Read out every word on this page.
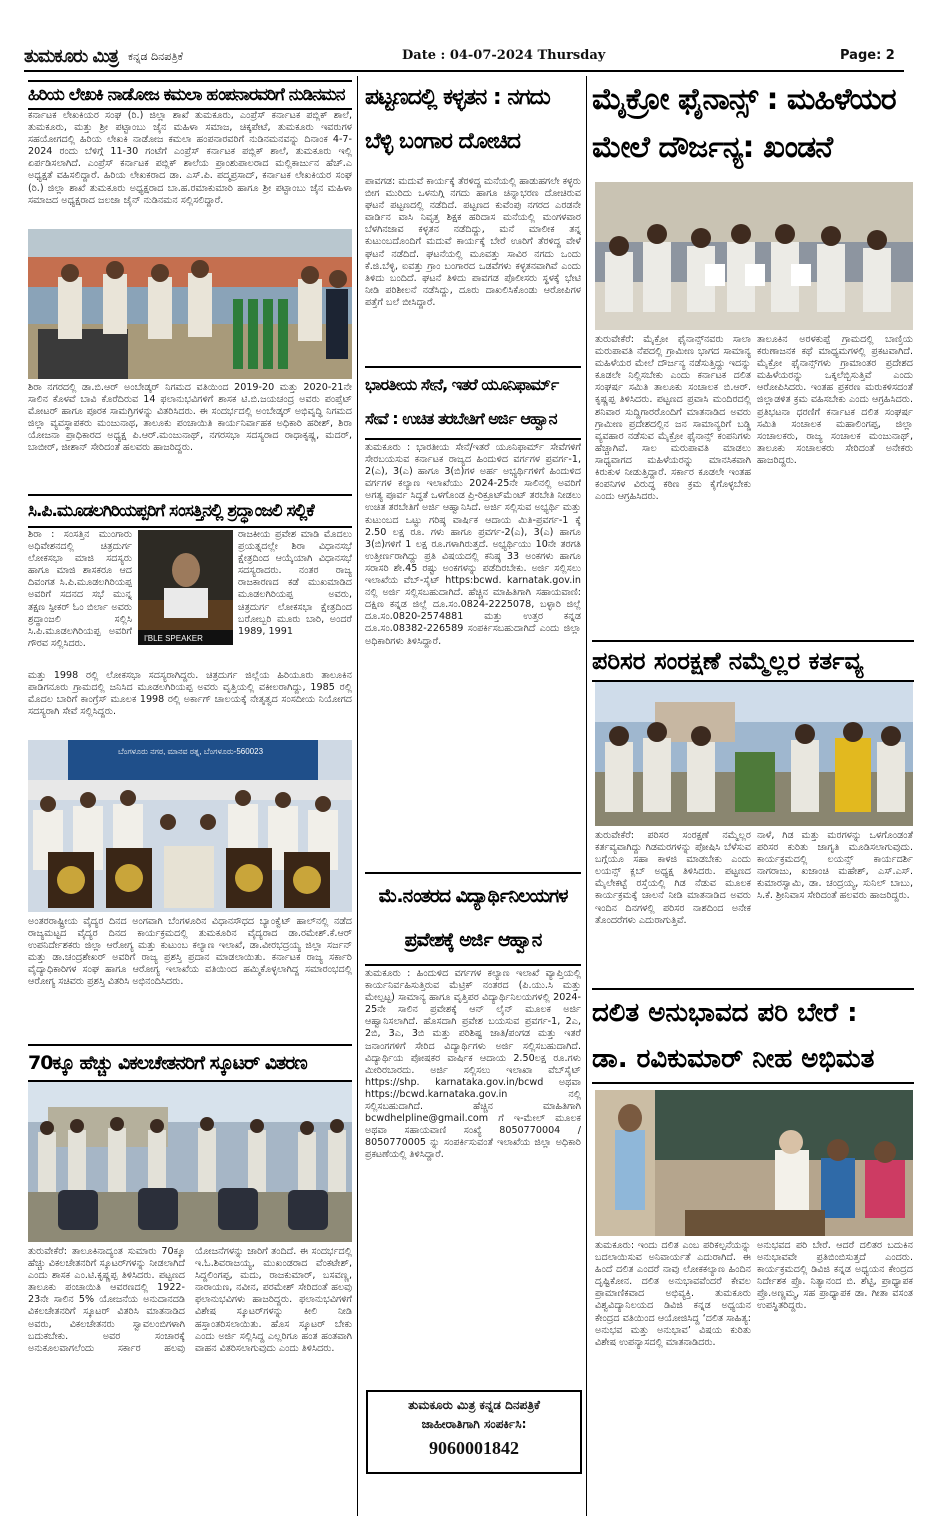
ತುಮಕೂರು ಮಿತ್ರ ಕನ್ನಡ ದಿನಪತ್ರಿಕೆ	Date : 04-07-2024 Thursday	Page: 2
ಹಿರಿಯ ಲೇಖಕಿ ನಾಡೋಜ ಕಮಲಾ ಹಂಪನಾರವರಿಗೆ ನುಡಿನಮನ
ಕರ್ನಾಟಕ ಲೇಖಕಿಯರ ಸಂಘ (ರಿ.) ಜಿಲ್ಲಾ ಶಾಖೆ ತುಮಕೂರು, ಎಂಪ್ರೆಸ್ ಕರ್ನಾಟಕ ಪಬ್ಲಿಕ್ ಶಾಲೆ, ತುಮಕೂರು, ಮತ್ತು ಶ್ರೀ ಪಟ್ಟಾಂಬು ಜೈನ ಮಹಿಳಾ ಸಮಾಜ, ಚಿಕ್ಕಪೇಟೆ, ತುಮಕೂರು ಇವರುಗಳ ಸಹಯೋಗದಲ್ಲಿ ಹಿರಿಯ ಲೇಖಕಿ ನಾಡೋಜ ಕಮಲಾ ಹಂಪನಾರವರಿಗೆ ನುಡಿನಮನವನ್ನು ದಿನಾಂಕ 4-7-2024 ರಂದು ಬೆಳಿಗ್ಗೆ 11-30 ಗಂಟೆಗೆ ಎಂಪ್ರೆಸ್ ಕರ್ನಾಟಕ ಪಬ್ಲಿಕ್ ಶಾಲೆ, ತುಮಕೂರು ಇಲ್ಲಿ ಏರ್ಪಡಿಸಲಾಗಿದೆ. ಎಂಪ್ರೆಸ್ ಕರ್ನಾಟಕ ಪಬ್ಲಿಕ್ ಶಾಲೆಯ ಪ್ರಾಂಶುಪಾಲರಾದ ಮಲ್ಲಿಕಾರ್ಜುನ ಹೆಚ್.ಎ ಅಧ್ಯಕ್ಷತೆ ವಹಿಸಲಿದ್ದಾರೆ. ಹಿರಿಯ ಲೇಖಕರಾದ ಡಾ. ಎಸ್.ಪಿ. ಪದ್ಮಪ್ರಸಾದ್, ಕರ್ನಾಟಕ ಲೇಖಕಿಯರ ಸಂಘ (ರಿ.) ಜಿಲ್ಲಾ ಶಾಖೆ ತುಮಕೂರು ಅಧ್ಯಕ್ಷರಾದ ಬಾ.ಹ.ರಮಾಕುಮಾರಿ ಹಾಗೂ ಶ್ರೀ ಪಟ್ಟಾಂಬು ಜೈನ ಮಹಿಳಾ ಸಮಾಜದ ಅಧ್ಯಕ್ಷರಾದ ಜಲಜಾ ಜೈನ್ ನುಡಿನಮನ ಸಲ್ಲಿಸಲಿದ್ದಾರೆ.
ಶಿರಾ ನಗರದಲ್ಲಿ ಡಾ.ಬಿ.ಆರ್ ಅಂಬೇಡ್ಕರ್ ನಿಗಮದ ವತಿಯಿಂದ 2019-20 ಮತ್ತು 2020-21ನೇ ಸಾಲಿನ ಕೊಳವೆ ಬಾವಿ ಕೊರೆದಿರುವ 14 ಫಲಾನುಭವಿಗಳಿಗೆ ಶಾಸಕ ಟಿ.ಬಿ.ಜಯಚಂದ್ರ ಅವರು ಪಂಪ್ಸೆಟ್ ಮೋಟರ್ ಹಾಗೂ ಪೂರಕ ಸಾಮಗ್ರಿಗಳನ್ನು ವಿತರಿಸಿದರು. ಈ ಸಂದರ್ಭದಲ್ಲಿ ಅಂಬೇಡ್ಕರ್ ಅಭಿವೃದ್ಧಿ ನಿಗಮದ ಜಿಲ್ಲಾ ವ್ಯವಸ್ಥಾಪಕರು ಮಂಜುನಾಥ, ತಾಲೂಕು ಪಂಚಾಯಿತಿ ಕಾರ್ಯನಿರ್ವಾಹಕ ಅಧಿಕಾರಿ ಹರೀಶ್, ಶಿರಾ ಯೋಜನಾ ಪ್ರಾಧಿಕಾರದ ಅಧ್ಯಕ್ಷ ಪಿ.ಆರ್.ಮಂಜುನಾಥ್, ನಗರಸಭಾ ಸದಸ್ಯರಾದ ರಾಧಾಕೃಷ್ಣ, ಮದರ್, ಬಾಬೀರ್, ಜೀಶಾನ್ ಸೇರಿದಂತೆ ಹಲವರು ಹಾಜರಿದ್ದರು.
ಸಿ.ಪಿ.ಮೂಡಲಗಿರಿಯಪ್ಪರಿಗೆ ಸಂಸತ್ತಿನಲ್ಲಿ ಶ್ರದ್ಧಾಂಜಲಿ ಸಲ್ಲಿಕೆ
ಶಿರಾ : ಸಂಸತ್ತಿನ ಮುಂಗಾರು ಅಧಿವೇಶನದಲ್ಲಿ ಚಿತ್ರದುರ್ಗ ಲೋಕಸಭಾ ಮಾಜಿ ಸದಸ್ಯರು ಹಾಗೂ ಮಾಜಿ ಶಾಸಕರೂ ಆದ ದಿವಂಗತ ಸಿ.ಪಿ.ಮೂಡಲಗಿರಿಯಪ್ಪ ಅವರಿಗೆ ಸದನದ ಸಭೆ ಮುನ್ನ ತಕ್ಷಣ ಸ್ಪೀಕರ್ ಓಂ ಬಿರ್ಲಾ ಅವರು ಶ್ರದ್ಧಾಂಜಲಿ ಸಲ್ಲಿಸಿ ಸಿ.ಪಿ.ಮೂಡಲಗಿರಿಯಪ್ಪ ಅವರಿಗೆ ಗೌರವ ಸಲ್ಲಿಸಿದರು.	I'BLE SPEAKER
ರಾಜಕೀಯ ಪ್ರವೇಶ ಮಾಡಿ ಮೊದಲು ಪ್ರಯತ್ನದಲ್ಲೇ ಶಿರಾ ವಿಧಾನಸಭೆ ಕ್ಷೇತ್ರದಿಂದ ಆಯ್ಕೆಯಾಗಿ ವಿಧಾನಸಭೆ ಸದಸ್ಯರಾದರು. ನಂತರ ರಾಜ್ಯ ರಾಜಕಾರಣದ ಕಡೆ ಮುಖಮಾಡಿದ ಮೂಡಲಗಿರಿಯಪ್ಪ ಅವರು, ಚಿತ್ರದುರ್ಗ ಲೋಕಸಭಾ ಕ್ಷೇತ್ರದಿಂದ ಬರೋಬ್ಬರಿ ಮೂರು ಬಾರಿ, ಅಂದರೆ 1989, 1991
ಮತ್ತು 1998 ರಲ್ಲಿ ಲೋಕಸಭಾ ಸದಸ್ಯರಾಗಿದ್ದರು. ಚಿತ್ರದುರ್ಗ ಜಿಲ್ಲೆಯ ಹಿರಿಯೂರು ತಾಲೂಕಿನ ಪಾಡಿಗನೂರು ಗ್ರಾಮದಲ್ಲಿ ಜನಿಸಿದ ಮೂಡಲಗಿರಿಯಪ್ಪ ಅವರು ವೃತ್ತಿಯಲ್ಲಿ ವಕೀಲರಾಗಿದ್ದು, 1985 ರಲ್ಲಿ ಮೊದಲ ಬಾರಿಗೆ ಕಾಂಗ್ರೆಸ್ ಮೂಲಕ 1998 ರಲ್ಲಿ ಅರ್ಕಾಗ್ ಚಾಲಯಕ್ಕೆ ನೇತೃತ್ವದ ಸಂಸದೀಯ ನಿಯೋಗದ ಸದಸ್ಯರಾಗಿ ಸೇವೆ ಸಲ್ಲಿಸಿದ್ದರು.
ಬೆಂಗಳೂರು ನಗರ, ಮಾನವ ರತ್ನ, ಬೆಂಗಳೂರು-560023
ಅಂತರರಾಷ್ಟ್ರೀಯ ವೈದ್ಯರ ದಿನದ ಅಂಗವಾಗಿ ಬೆಂಗಳೂರಿನ ವಿಧಾನಸೌಧದ ಬ್ಯಾಂಕ್ವೆಟ್ ಹಾಲ್‌ನಲ್ಲಿ ನಡೆದ ರಾಜ್ಯಮಟ್ಟದ ವೈದ್ಯರ ದಿನದ ಕಾರ್ಯಕ್ರಮದಲ್ಲಿ ತುಮಕೂರಿನ ವೈದ್ಯರಾದ ಡಾ.ರಮೇಶ್.ಕೆ.ಆರ್ ಉಪನಿರ್ದೇಶಕರು ಜಿಲ್ಲಾ ಆರೋಗ್ಯ ಮತ್ತು ಕುಟುಂಬ ಕಲ್ಯಾಣ ಇಲಾಖೆ, ಡಾ.ವೀರಭದ್ರಯ್ಯ ಜಿಲ್ಲಾ ಸರ್ಜನ್ ಮತ್ತು ಡಾ.ಚಂದ್ರಶೇಖರ್ ಅವರಿಗೆ ರಾಜ್ಯ ಪ್ರಶಸ್ತಿ ಪ್ರದಾನ ಮಾಡಲಾಯಿತು. ಕರ್ನಾಟಕ ರಾಜ್ಯ ಸರ್ಕಾರಿ ವೈದ್ಯಾಧಿಕಾರಿಗಳ ಸಂಘ ಹಾಗೂ ಆರೋಗ್ಯ ಇಲಾಖೆಯ ವತಿಯಿಂದ ಹಮ್ಮಿಕೊಳ್ಳಲಾಗಿದ್ದ ಸಮಾರಂಭದಲ್ಲಿ ಆರೋಗ್ಯ ಸಚಿವರು ಪ್ರಶಸ್ತಿ ವಿತರಿಸಿ ಅಭಿನಂದಿಸಿದರು.
70ಕ್ಕೂ ಹೆಚ್ಚು ವಿಕಲಚೇತನರಿಗೆ ಸ್ಕೂಟರ್ ವಿತರಣ
ತುರುವೇಕೆರೆ: ತಾಲೂಕಿನಾದ್ಯಂತ ಸುಮಾರು 70ಕ್ಕೂ ಹೆಚ್ಚು ವಿಕಲಚೇತನರಿಗೆ ಸ್ಕೂಟರ್‌ಗಳನ್ನು ನೀಡಲಾಗಿದೆ ಎಂದು ಶಾಸಕ ಎಂ.ಟಿ.ಕೃಷ್ಣಪ್ಪ ತಿಳಿಸಿದರು. ಪಟ್ಟಣದ ತಾಲೂಕು ಪಂಚಾಯಿತಿ ಆವರಣದಲ್ಲಿ 1922-23ನೇ ಸಾಲಿನ 5% ಯೋಜನೆಯ ಅನುದಾನದಡಿ ವಿಕಲಚೇತನರಿಗೆ ಸ್ಕೂಟರ್ ವಿತರಿಸಿ ಮಾತನಾಡಿದ ಅವರು, ವಿಕಲಚೇತನರು ಸ್ವಾವಲಂಬಿಗಳಾಗಿ ಬದುಕಬೇಕು. ಅವರ ಸಂಚಾರಕ್ಕೆ ಅನುಕೂಲವಾಗಲೆಂದು ಸರ್ಕಾರ ಹಲವು ಯೋಜನೆಗಳನ್ನು ಜಾರಿಗೆ ತಂದಿದೆ. ಈ ಸಂದರ್ಭದಲ್ಲಿ ಇ.ಓ.ಶಿವರಾಜಯ್ಯ, ಮುಖಂಡರಾದ ವೆಂಕಟೇಶ್, ಸಿದ್ದಲಿಂಗಪ್ಪ, ಮದು, ರಾಜಕುಮಾರ್, ಬಸವಣ್ಣ, ನಾರಾಯಣ, ನವೀನ, ಪರಮೇಶ್ ಸೇರಿದಂತೆ ಹಲವು ಫಲಾನುಭವಿಗಳು ಹಾಜರಿದ್ದರು. ಫಲಾನುಭವಿಗಳಿಗೆ ವಿಶೇಷ ಸ್ಕೂಟರ್‌ಗಳನ್ನು ಕೀಲಿ ನೀಡಿ ಹಸ್ತಾಂತರಿಸಲಾಯಿತು. ಹೊಸ ಸ್ಕೂಟರ್ ಬೇಕು ಎಂದು ಅರ್ಜಿ ಸಲ್ಲಿಸಿದ್ದ ಎಲ್ಲರಿಗೂ ಹಂತ ಹಂತವಾಗಿ ವಾಹನ ವಿತರಿಸಲಾಗುವುದು ಎಂದು ತಿಳಿಸಿದರು.
ಪಟ್ಟಣದಲ್ಲಿ ಕಳ್ಳತನ : ನಗದು ಬೆಳ್ಳಿ ಬಂಗಾರ ದೋಚಿದ
ಪಾವಗಡ: ಮದುವೆ ಕಾರ್ಯಕ್ಕೆ ತೆರಳಿದ್ದ ಮನೆಯಲ್ಲಿ ಹಾಡುಹಗಲೇ ಕಳ್ಳರು ಬೀಗ ಮುರಿದು ಒಳನುಗ್ಗಿ ನಗದು ಹಾಗೂ ಚಿನ್ನಾಭರಣ ದೋಚಿರುವ ಘಟನೆ ಪಟ್ಟಣದಲ್ಲಿ ನಡೆದಿದೆ. ಪಟ್ಟಣದ ಕುವೆಂಪು ನಗರದ ಎರಡನೇ ವಾರ್ಡಿನ ವಾಸಿ ನಿವೃತ್ತ ಶಿಕ್ಷಕ ಹರಿದಾಸ ಮನೆಯಲ್ಲಿ ಮಂಗಳವಾರ ಬೆಳಗಿನಜಾವ ಕಳ್ಳತನ ನಡೆದಿದ್ದು, ಮನೆ ಮಾಲೀಕ ತನ್ನ ಕುಟುಂಬದೊಂದಿಗೆ ಮದುವೆ ಕಾರ್ಯಕ್ಕೆ ಬೇರೆ ಊರಿಗೆ ತೆರಳಿದ್ದ ವೇಳೆ ಘಟನೆ ನಡೆದಿದೆ. ಘಟನೆಯಲ್ಲಿ ಮೂವತ್ತು ಸಾವಿರ ನಗದು ಒಂದು ಕೆ.ಜಿ.ಬೆಳ್ಳಿ, ಐವತ್ತು ಗ್ರಾಂ ಬಂಗಾರದ ಒಡವೆಗಳು ಕಳ್ಳತನವಾಗಿವೆ ಎಂದು ತಿಳಿದು ಬಂದಿದೆ. ಘಟನೆ ತಿಳಿದು ಪಾವಗಡ ಪೊಲೀಸರು ಸ್ಥಳಕ್ಕೆ ಭೇಟಿ ನೀಡಿ ಪರಿಶೀಲನೆ ನಡೆಸಿದ್ದು, ದೂರು ದಾಖಲಿಸಿಕೊಂಡು ಆರೋಪಿಗಳ ಪತ್ತೆಗೆ ಬಲೆ ಬೀಸಿದ್ದಾರೆ.
ಭಾರತೀಯ ಸೇನೆ, ಇತರೆ ಯೂನಿಫಾರ್ಮ್ ಸೇವೆ : ಉಚಿತ ತರಬೇತಿಗೆ ಅರ್ಜಿ ಆಹ್ವಾನ
ತುಮಕೂರು : ಭಾರತೀಯ ಸೇನೆ/ಇತರೆ ಯೂನಿಫಾರ್ಮ್ ಸೇವೆಗಳಿಗೆ ಸೇರಬಯಸುವ ಕರ್ನಾಟಕ ರಾಜ್ಯದ ಹಿಂದುಳಿದ ವರ್ಗಗಳ ಪ್ರವರ್ಗ-1, 2(ಎ), 3(ಎ) ಹಾಗೂ 3(ಬಿ)ಗಳ ಅರ್ಹ ಅಭ್ಯರ್ಥಿಗಳಿಗೆ ಹಿಂದುಳಿದ ವರ್ಗಗಳ ಕಲ್ಯಾಣ ಇಲಾಖೆಯು 2024-25ನೇ ಸಾಲಿನಲ್ಲಿ ಅವರಿಗೆ ಅಗತ್ಯ ಪೂರ್ವ ಸಿದ್ಧತೆ ಒಳಗೊಂಡ ಪ್ರಿ-ರಿಕ್ರೂಟ್‌ಮೆಂಟ್ ತರಬೇತಿ ನೀಡಲು ಉಚಿತ ತರಬೇತಿಗೆ ಅರ್ಜಿ ಆಹ್ವಾನಿಸಿದೆ. ಅರ್ಜಿ ಸಲ್ಲಿಸುವ ಅಭ್ಯರ್ಥಿ ಮತ್ತು ಕುಟುಂಬದ ಒಟ್ಟು ಗರಿಷ್ಠ ವಾರ್ಷಿಕ ಆದಾಯ ಮಿತಿ-ಪ್ರವರ್ಗ-1 ಕ್ಕೆ 2.50 ಲಕ್ಷ ರೂ. ಗಳು ಹಾಗೂ ಪ್ರವರ್ಗ-2(ಎ), 3(ಎ) ಹಾಗೂ 3(ಬಿ)ಗಳಿಗೆ 1 ಲಕ್ಷ ರೂ.ಗಳಾಗಿರುತ್ತದೆ. ಅಭ್ಯರ್ಥಿಯು 10ನೇ ತರಗತಿ ಉತ್ತೀರ್ಣರಾಗಿದ್ದು ಪ್ರತಿ ವಿಷಯದಲ್ಲಿ ಕನಿಷ್ಠ 33 ಅಂಕಗಳು ಹಾಗೂ ಸರಾಸರಿ ಶೇ.45 ರಷ್ಟು ಅಂಕಗಳನ್ನು ಪಡೆದಿರಬೇಕು. ಅರ್ಜಿ ಸಲ್ಲಿಸಲು ಇಲಾಖೆಯ ವೆಬ್-ಸೈಟ್ https:bcwd. karnatak.gov.in ನಲ್ಲಿ ಅರ್ಜಿ ಸಲ್ಲಿಸಬಹುದಾಗಿದೆ. ಹೆಚ್ಚಿನ ಮಾಹಿತಿಗಾಗಿ ಸಹಾಯವಾಣಿ: ದಕ್ಷಿಣ ಕನ್ನಡ ಜಿಲ್ಲೆ ದೂ.ಸಂ.0824-2225078, ಬಳ್ಳಾರಿ ಜಿಲ್ಲೆ ದೂ.ಸಂ.0820-2574881 ಮತ್ತು ಉತ್ತರ ಕನ್ನಡ ದೂ.ಸಂ.08382-226589 ಸಂಪರ್ಕಿಸಬಹುದಾಗಿದೆ ಎಂದು ಜಿಲ್ಲಾ ಅಧಿಕಾರಿಗಳು ತಿಳಿಸಿದ್ದಾರೆ.
ಮೆ.ನಂತರದ ವಿದ್ಯಾರ್ಥಿನಿಲಯಗಳ ಪ್ರವೇಶಕ್ಕೆ ಅರ್ಜಿ ಆಹ್ವಾನ
ತುಮಕೂರು : ಹಿಂದುಳಿದ ವರ್ಗಗಳ ಕಲ್ಯಾಣ ಇಲಾಖೆ ವ್ಯಾಪ್ತಿಯಲ್ಲಿ ಕಾರ್ಯನಿರ್ವಹಿಸುತ್ತಿರುವ ಮೆಟ್ರಿಕ್ ನಂತರದ (ಪಿ.ಯು.ಸಿ ಮತ್ತು ಮೇಲ್ಪಟ್ಟ) ಸಾಮಾನ್ಯ ಹಾಗೂ ವೃತ್ತಿಪರ ವಿದ್ಯಾರ್ಥಿನಿಲಯಗಳಲ್ಲಿ 2024-25ನೇ ಸಾಲಿನ ಪ್ರವೇಶಕ್ಕೆ ಆನ್ ಲೈನ್ ಮೂಲಕ ಅರ್ಜಿ ಆಹ್ವಾನಿಸಲಾಗಿದೆ. ಹೊಸದಾಗಿ ಪ್ರವೇಶ ಬಯಸುವ ಪ್ರವರ್ಗ-1, 2ಎ, 2ಬಿ, 3ಎ, 3ಬಿ ಮತ್ತು ಪರಿಶಿಷ್ಟ ಜಾತಿ/ಪಂಗಡ ಮತ್ತು ಇತರೆ ಜನಾಂಗಗಳಿಗೆ ಸೇರಿದ ವಿದ್ಯಾರ್ಥಿಗಳು ಅರ್ಜಿ ಸಲ್ಲಿಸಬಹುದಾಗಿದೆ. ವಿದ್ಯಾರ್ಥಿಯ ಪೋಷಕರ ವಾರ್ಷಿಕ ಆದಾಯ 2.50ಲಕ್ಷ ರೂ.ಗಳು ಮೀರಿರಬಾರದು. ಅರ್ಜಿ ಸಲ್ಲಿಸಲು ಇಲಾಖಾ ವೆಬ್‌ಸೈಟ್ https://shp. karnataka.gov.in/bcwd ಅಥವಾ https://bcwd.karnataka.gov.in ನಲ್ಲಿ ಸಲ್ಲಿಸಬಹುದಾಗಿದೆ. ಹೆಚ್ಚಿನ ಮಾಹಿತಿಗಾಗಿ bcwdhelpline@gmail.com ಗೆ ಇ-ಮೇಲ್ ಮೂಲಕ ಅಥವಾ ಸಹಾಯವಾಣಿ ಸಂಖ್ಯೆ 8050770004 / 8050770005 ನ್ನು ಸಂಪರ್ಕಿಸುವಂತೆ ಇಲಾಖೆಯ ಜಿಲ್ಲಾ ಅಧಿಕಾರಿ ಪ್ರಕಟಣೆಯಲ್ಲಿ ತಿಳಿಸಿದ್ದಾರೆ.
ತುಮಕೂರು ಮಿತ್ರ ಕನ್ನಡ ದಿನಪತ್ರಿಕೆ
ಜಾಹೀರಾತಿಗಾಗಿ ಸಂಪರ್ಕಿಸಿ:
9060001842
ಮೈಕ್ರೋ ಫೈನಾನ್ಸ್ : ಮಹಿಳೆಯರ ಮೇಲೆ ದೌರ್ಜನ್ಯ: ಖಂಡನೆ
ತುರುವೇಕೆರೆ: ಮೈಕ್ರೋ ಫೈನಾನ್ಸ್‌ನವರು ಸಾಲಾ ಮರುಪಾವತಿ ನೆಪದಲ್ಲಿ ಗ್ರಾಮೀಣ ಭಾಗದ ಸಾಮಾನ್ಯ ಮಹಿಳೆಯರ ಮೇಲೆ ದೌರ್ಜನ್ಯ ನಡೆಸುತ್ತಿದ್ದು ಇದನ್ನು ಕೂಡಲೇ ನಿಲ್ಲಿಸಬೇಕು ಎಂದು ಕರ್ನಾಟಕ ದಲಿತ ಸಂಘರ್ಷ ಸಮಿತಿ ತಾಲೂಕು ಸಂಚಾಲಕ ಬಿ.ಆರ್. ಕೃಷ್ಣಪ್ಪ ತಿಳಿಸಿದರು. ಪಟ್ಟಣದ ಪ್ರವಾಸಿ ಮಂದಿರದಲ್ಲಿ ಶನಿವಾರ ಸುದ್ದಿಗಾರರೊಂದಿಗೆ ಮಾತನಾಡಿದ ಅವರು ಗ್ರಾಮೀಣ ಪ್ರದೇಶದಲ್ಲಿನ ಜನ ಸಾಮಾನ್ಯರಿಗೆ ಬಡ್ಡಿ ವ್ಯವಹಾರ ನಡೆಸುವ ಮೈಕ್ರೋ ಫೈನಾನ್ಸ್ ಕಂಪನಿಗಳು ಹೆಚ್ಚಾಗಿವೆ. ಸಾಲ ಮರುಪಾವತಿ ಮಾಡಲು ಸಾಧ್ಯವಾಗದ ಮಹಿಳೆಯರನ್ನು ಮಾನಸಿಕವಾಗಿ ಕಿರುಕುಳ ನೀಡುತ್ತಿದ್ದಾರೆ. ಸರ್ಕಾರ ಕೂಡಲೇ ಇಂತಹ ಕಂಪನಿಗಳ ವಿರುದ್ಧ ಕಠಿಣ ಕ್ರಮ ಕೈಗೊಳ್ಳಬೇಕು ಎಂದು ಆಗ್ರಹಿಸಿದರು.
ತಾಲೂಕಿನ ಅರಳಕುಪ್ಪೆ ಗ್ರಾಮದಲ್ಲಿ ಬಾಣ್ತಿಯ ಕರುಣಾಜನಕ ಕಥೆ ಮಾಧ್ಯಮಗಳಲ್ಲಿ ಪ್ರಕಟವಾಗಿದೆ. ಮೈಕ್ರೋ ಫೈನಾನ್ಸ್‌ಗಳು ಗ್ರಾಮಾಂತರ ಪ್ರದೇಶದ ಮಹಿಳೆಯರನ್ನು ಒಕ್ಕಲೆಬ್ಬಿಸುತ್ತಿವೆ ಎಂದು ಆರೋಪಿಸಿದರು. ಇಂತಹ ಪ್ರಕರಣ ಮರುಕಳಿಸದಂತೆ ಜಿಲ್ಲಾಡಳಿತ ಕ್ರಮ ವಹಿಸಬೇಕು ಎಂದು ಆಗ್ರಹಿಸಿದರು. ಪ್ರತಿಭಟನಾ ಧರಣಿಗೆ ಕರ್ನಾಟಕ ದಲಿತ ಸಂಘರ್ಷ ಸಮಿತಿ ಸಂಚಾಲಕ ಮಹಾಲಿಂಗಪ್ಪ, ಜಿಲ್ಲಾ ಸಂಚಾಲಕರು, ರಾಜ್ಯ ಸಂಚಾಲಕ ಮಂಜುನಾಥ್, ತಾಲೂಕು ಸಂಚಾಲಕರು ಸೇರಿದಂತೆ ಅನೇಕರು ಹಾಜರಿದ್ದರು.
ಪರಿಸರ ಸಂರಕ್ಷಣೆ ನಮ್ಮೆಲ್ಲರ ಕರ್ತವ್ಯ
ತುರುವೇಕೆರೆ: ಪರಿಸರ ಸಂರಕ್ಷಣೆ ನಮ್ಮೆಲ್ಲರ ಕರ್ತವ್ಯವಾಗಿದ್ದು ಗಿಡಮರಗಳನ್ನು ಪೋಷಿಸಿ ಬೆಳೆಸುವ ಬಗ್ಗೆಯೂ ಸಹಾ ಕಾಳಜಿ ಮಾಡಬೇಕು ಎಂದು ಲಯನ್ಸ್ ಕ್ಲಬ್ ಅಧ್ಯಕ್ಷ ತಿಳಿಸಿದರು. ಪಟ್ಟಣದ ಮೈಲೇಕಟ್ಟೆ ರಸ್ತೆಯಲ್ಲಿ ಗಿಡ ನೆಡುವ ಮೂಲಕ ಕಾರ್ಯಕ್ರಮಕ್ಕೆ ಚಾಲನೆ ನೀಡಿ ಮಾತನಾಡಿದ ಅವರು ಇಂದಿನ ದಿನಗಳಲ್ಲಿ ಪರಿಸರ ನಾಶದಿಂದ ಅನೇಕ ತೊಂದರೆಗಳು ಎದುರಾಗುತ್ತಿವೆ.
ನಾಳೆ, ಗಿಡ ಮತ್ತು ಮರಗಳನ್ನು ಒಳಗೊಂಡಂತೆ ಪರಿಸರ ಕುರಿತು ಜಾಗೃತಿ ಮೂಡಿಸಲಾಗುವುದು. ಕಾರ್ಯಕ್ರಮದಲ್ಲಿ ಲಯನ್ಸ್ ಕಾರ್ಯದರ್ಶಿ ನಾಗರಾಜು, ಖಜಾಂಚಿ ಮಹೇಶ್, ಎಸ್.ಎಸ್. ಕುಮಾರಸ್ವಾಮಿ, ಡಾ. ಚಂದ್ರಯ್ಯ, ಸುನಿಲ್ ಬಾಬು, ಸಿ.ಕೆ. ಶ್ರೀನಿವಾಸ ಸೇರಿದಂತೆ ಹಲವರು ಹಾಜರಿದ್ದರು.
ದಲಿತ ಅನುಭಾವದ ಪರಿ ಬೇರೆ :
ಡಾ. ರವಿಕುಮಾರ್ ನೀಹ ಅಭಿಮತ
ತುಮಕೂರು: ಇಂದು ದಲಿತ ಎಂಬ ಪರಿಕಲ್ಪನೆಯನ್ನು ಬದಲಾಯಿಸುವ ಅನಿವಾರ್ಯತೆ ಎದುರಾಗಿದೆ. ಈ ಹಿಂದೆ ದಲಿತ ಎಂದರೆ ನಾವು ಲೋಕಕಲ್ಯಾಣ ಹಿಂದಿನ ದೃಷ್ಟಿಕೋನ. ದಲಿತ ಅನುಭಾವವೆಂದರೆ ಕೇವಲ ಪ್ರಾಮಾಣಿಕವಾದ ಅಭಿವ್ಯಕ್ತಿ. ತುಮಕೂರು ವಿಶ್ವವಿದ್ಯಾನಿಲಯದ ಡಿವಿಜಿ ಕನ್ನಡ ಅಧ್ಯಯನ ಕೇಂದ್ರದ ವತಿಯಿಂದ ಆಯೋಜಿಸಿದ್ದ ‘ದಲಿತ ಸಾಹಿತ್ಯ: ಅನುಭವ ಮತ್ತು ಅನುಭಾವ’ ವಿಷಯ ಕುರಿತು ವಿಶೇಷ ಉಪನ್ಯಾಸದಲ್ಲಿ ಮಾತನಾಡಿದರು.
ಅನುಭವದ ಪರಿ ಬೇರೆ. ಆದರೆ ದಲಿತರ ಬದುಕಿನ ಅನುಭಾವವೇ ಪ್ರತಿಬಿಂಬಿಸುತ್ತದೆ ಎಂದರು. ಕಾರ್ಯಕ್ರಮದಲ್ಲಿ ಡಿವಿಜಿ ಕನ್ನಡ ಅಧ್ಯಯನ ಕೇಂದ್ರದ ನಿರ್ದೇಶಕ ಪ್ರೊ. ನಿತ್ಯಾನಂದ ಬಿ. ಶೆಟ್ಟಿ, ಪ್ರಾಧ್ಯಾಪಕ ಪ್ರೊ.ಅಣ್ಣಮ್ಮ, ಸಹ ಪ್ರಾಧ್ಯಾಪಕ ಡಾ. ಗೀತಾ ವಸಂತ ಉಪಸ್ಥಿತರಿದ್ದರು.
